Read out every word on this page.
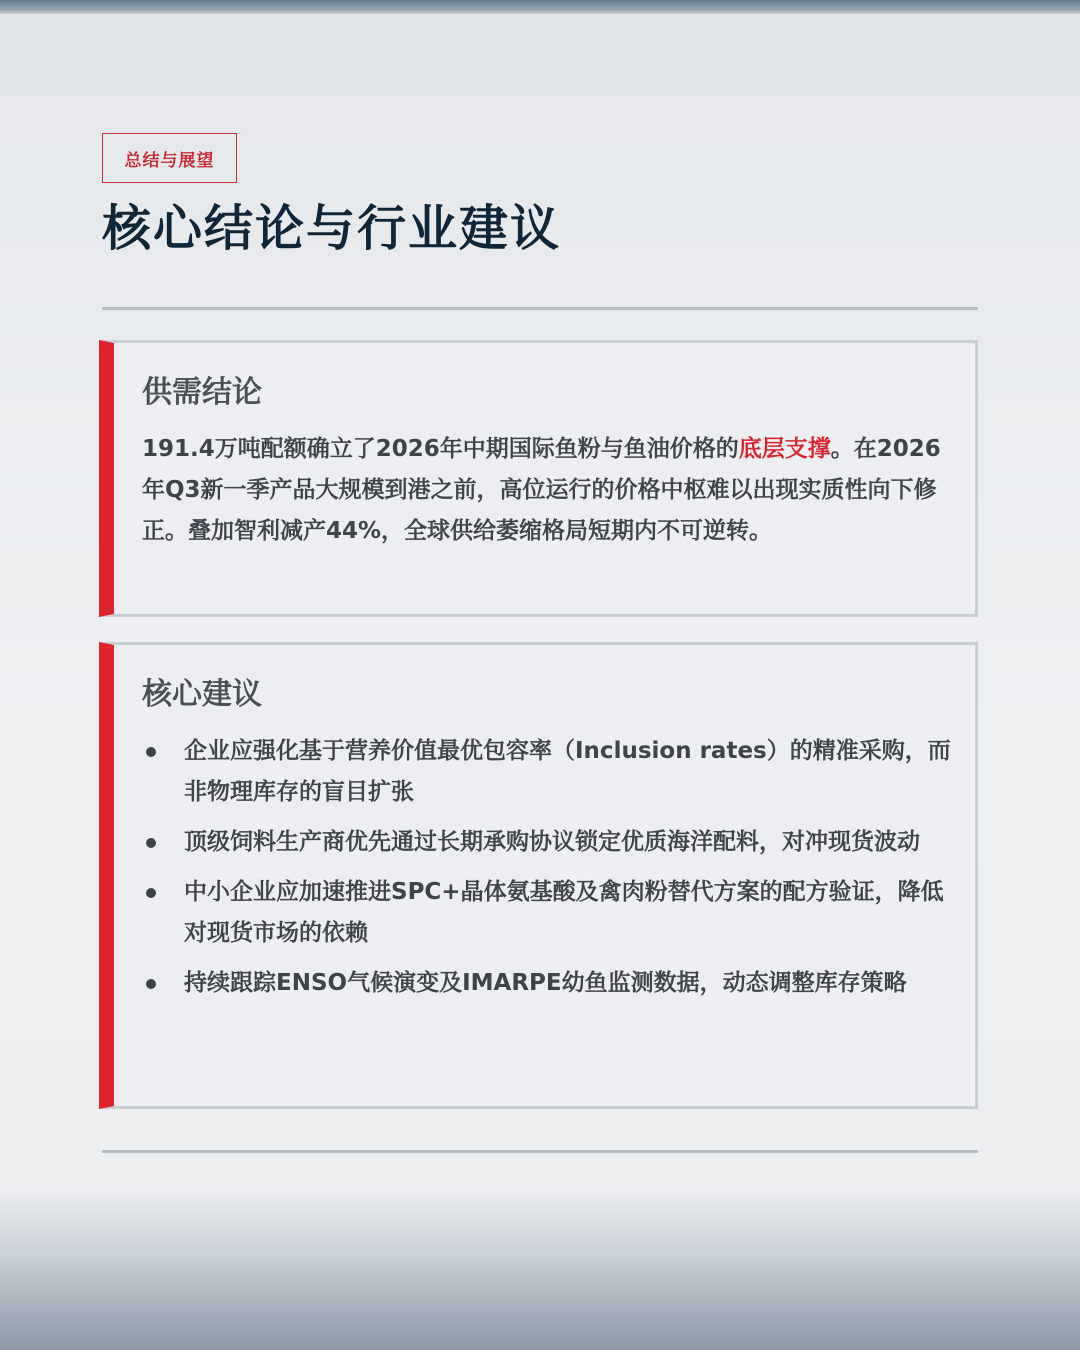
总结与展望
核心结论与行业建议
供需结论

191.4万吨配额确立了2026年中期国际鱼粉与鱼油价格的底层支撑。在2026年Q3新一季产品大规模到港之前，高位运行的价格中枢难以出现实质性向下修正。叠加智利减产44%，全球供给萎缩格局短期内不可逆转。

核心建议
企业应强化基于营养价值最优包容率（Inclusion rates）的精准采购，而非物理库存的盲目扩张
顶级饲料生产商优先通过长期承购协议锁定优质海洋配料，对冲现货波动
中小企业应加速推进SPC+晶体氨基酸及禽肉粉替代方案的配方验证，降低对现货市场的依赖
持续跟踪ENSO气候演变及IMARPE幼鱼监测数据，动态调整库存策略
